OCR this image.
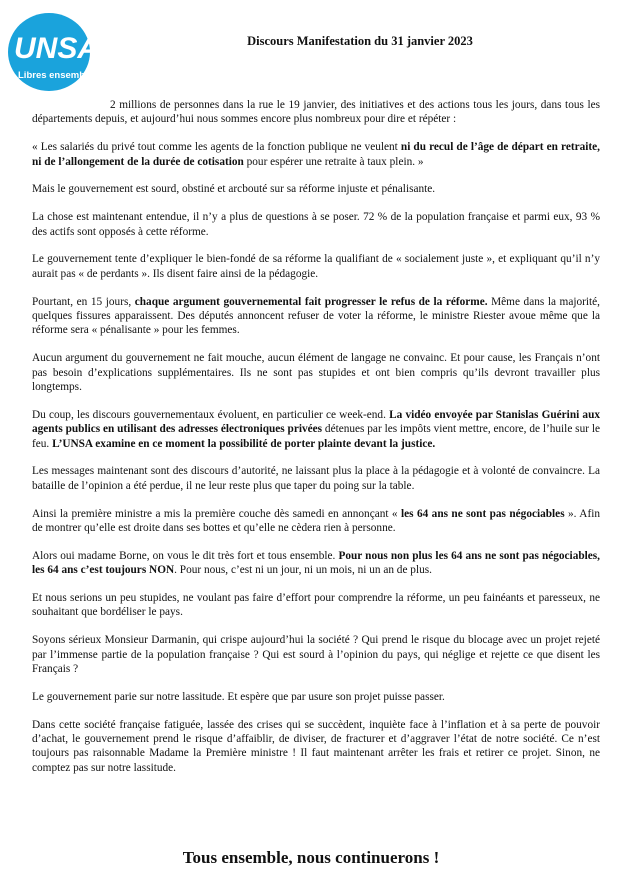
UNSA
Libres ensemble
Discours Manifestation du 31 janvier 2023

2 millions de personnes dans la rue le 19 janvier, des initiatives et des actions tous les jours, dans tous les départements depuis, et aujourd’hui nous sommes encore plus nombreux pour dire et répéter :

« Les salariés du privé tout comme les agents de la fonction publique ne veulent ni du recul de l’âge de départ en retraite, ni de l’allongement de la durée de cotisation pour espérer une retraite à taux plein. »

Mais le gouvernement est sourd, obstiné et arcbouté sur sa réforme injuste et pénalisante.

La chose est maintenant entendue, il n’y a plus de questions à se poser. 72 % de la population française et parmi eux, 93 % des actifs sont opposés à cette réforme.

Le gouvernement tente d’expliquer le bien-fondé de sa réforme la qualifiant de « socialement juste », et expliquant qu’il n’y aurait pas « de perdants ». Ils disent faire ainsi de la pédagogie.

Pourtant, en 15 jours, chaque argument gouvernemental fait progresser le refus de la réforme. Même dans la majorité, quelques fissures apparaissent. Des députés annoncent refuser de voter la réforme, le ministre Riester avoue même que la réforme sera « pénalisante » pour les femmes.

Aucun argument du gouvernement ne fait mouche, aucun élément de langage ne convainc. Et pour cause, les Français n’ont pas besoin d’explications supplémentaires. Ils ne sont pas stupides et ont bien compris qu’ils devront travailler plus longtemps.

Du coup, les discours gouvernementaux évoluent, en particulier ce week-end. La vidéo envoyée par Stanislas Guérini aux agents publics en utilisant des adresses électroniques privées détenues par les impôts vient mettre, encore, de l’huile sur le feu. L’UNSA examine en ce moment la possibilité de porter plainte devant la justice.

Les messages maintenant sont des discours d’autorité, ne laissant plus la place à la pédagogie et à volonté de convaincre. La bataille de l’opinion a été perdue, il ne leur reste plus que taper du poing sur la table.

Ainsi la première ministre a mis la première couche dès samedi en annonçant « les 64 ans ne sont pas négociables ». Afin de montrer qu’elle est droite dans ses bottes et qu’elle ne cèdera rien à personne.

Alors oui madame Borne, on vous le dit très fort et tous ensemble. Pour nous non plus les 64 ans ne sont pas négociables, les 64 ans c’est toujours NON. Pour nous, c’est ni un jour, ni un mois, ni un an de plus.

Et nous serions un peu stupides, ne voulant pas faire d’effort pour comprendre la réforme, un peu fainéants et paresseux, ne souhaitant que bordéliser le pays.

Soyons sérieux Monsieur Darmanin, qui crispe aujourd’hui la société ? Qui prend le risque du blocage avec un projet rejeté par l’immense partie de la population française ? Qui est sourd à l’opinion du pays, qui néglige et rejette ce que disent les Français ?

Le gouvernement parie sur notre lassitude. Et espère que par usure son projet puisse passer.

Dans cette société française fatiguée, lassée des crises qui se succèdent, inquiète face à l’inflation et à sa perte de pouvoir d’achat, le gouvernement prend le risque d’affaiblir, de diviser, de fracturer et d’aggraver l’état de notre société. Ce n’est toujours pas raisonnable Madame la Première ministre ! Il faut maintenant arrêter les frais et retirer ce projet. Sinon, ne comptez pas sur notre lassitude.

Tous ensemble, nous continuerons !
